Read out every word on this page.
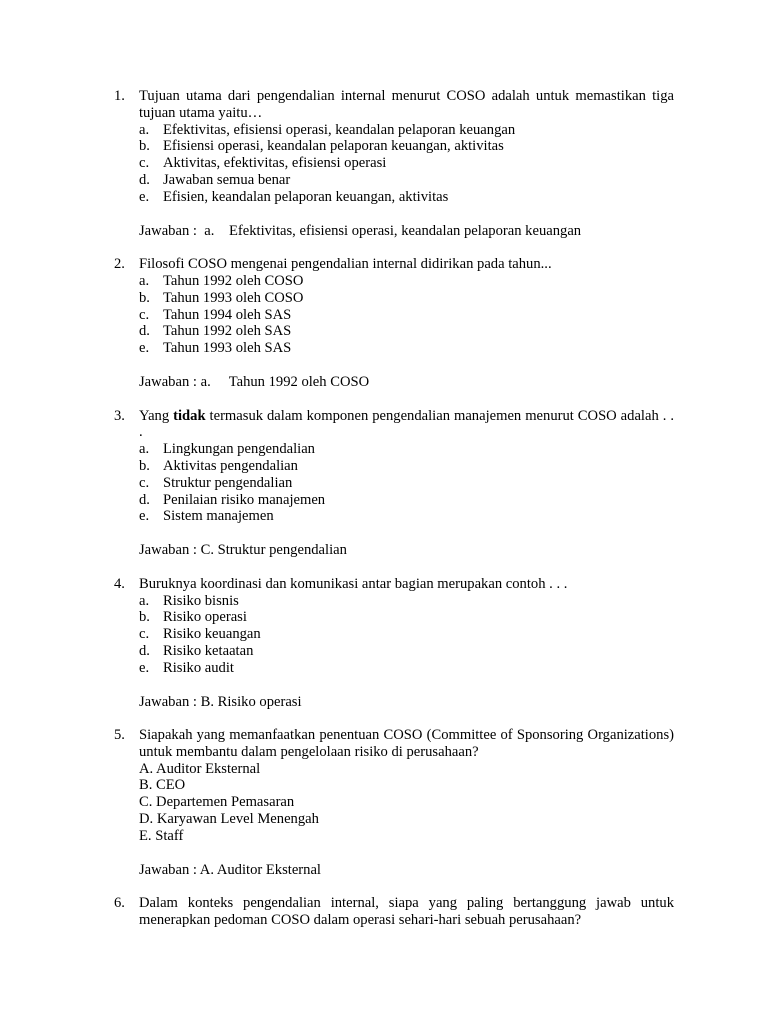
1. Tujuan utama dari pengendalian internal menurut COSO adalah untuk memastikan tiga tujuan utama yaitu…
a. Efektivitas, efisiensi operasi, keandalan pelaporan keuangan
b. Efisiensi operasi, keandalan pelaporan keuangan, aktivitas
c. Aktivitas, efektivitas, efisiensi operasi
d. Jawaban semua benar
e. Efisien, keandalan pelaporan keuangan, aktivitas
Jawaban :  a.    Efektivitas, efisiensi operasi, keandalan pelaporan keuangan
2. Filosofi COSO mengenai pengendalian internal didirikan pada tahun...
a. Tahun 1992 oleh COSO
b. Tahun 1993 oleh COSO
c. Tahun 1994 oleh SAS
d. Tahun 1992 oleh SAS
e. Tahun 1993 oleh SAS
Jawaban : a.     Tahun 1992 oleh COSO
3. Yang tidak termasuk dalam komponen pengendalian manajemen menurut COSO adalah . . .
a. Lingkungan pengendalian
b. Aktivitas pengendalian
c. Struktur pengendalian
d. Penilaian risiko manajemen
e. Sistem manajemen
Jawaban : C. Struktur pengendalian
4. Buruknya koordinasi dan komunikasi antar bagian merupakan contoh . . .
a. Risiko bisnis
b. Risiko operasi
c. Risiko keuangan
d. Risiko ketaatan
e. Risiko audit
Jawaban : B. Risiko operasi
5. Siapakah yang memanfaatkan penentuan COSO (Committee of Sponsoring Organizations) untuk membantu dalam pengelolaan risiko di perusahaan?
A. Auditor Eksternal
B. CEO
C. Departemen Pemasaran
D. Karyawan Level Menengah
E. Staff
Jawaban : A. Auditor Eksternal
6. Dalam konteks pengendalian internal, siapa yang paling bertanggung jawab untuk menerapkan pedoman COSO dalam operasi sehari-hari sebuah perusahaan?
